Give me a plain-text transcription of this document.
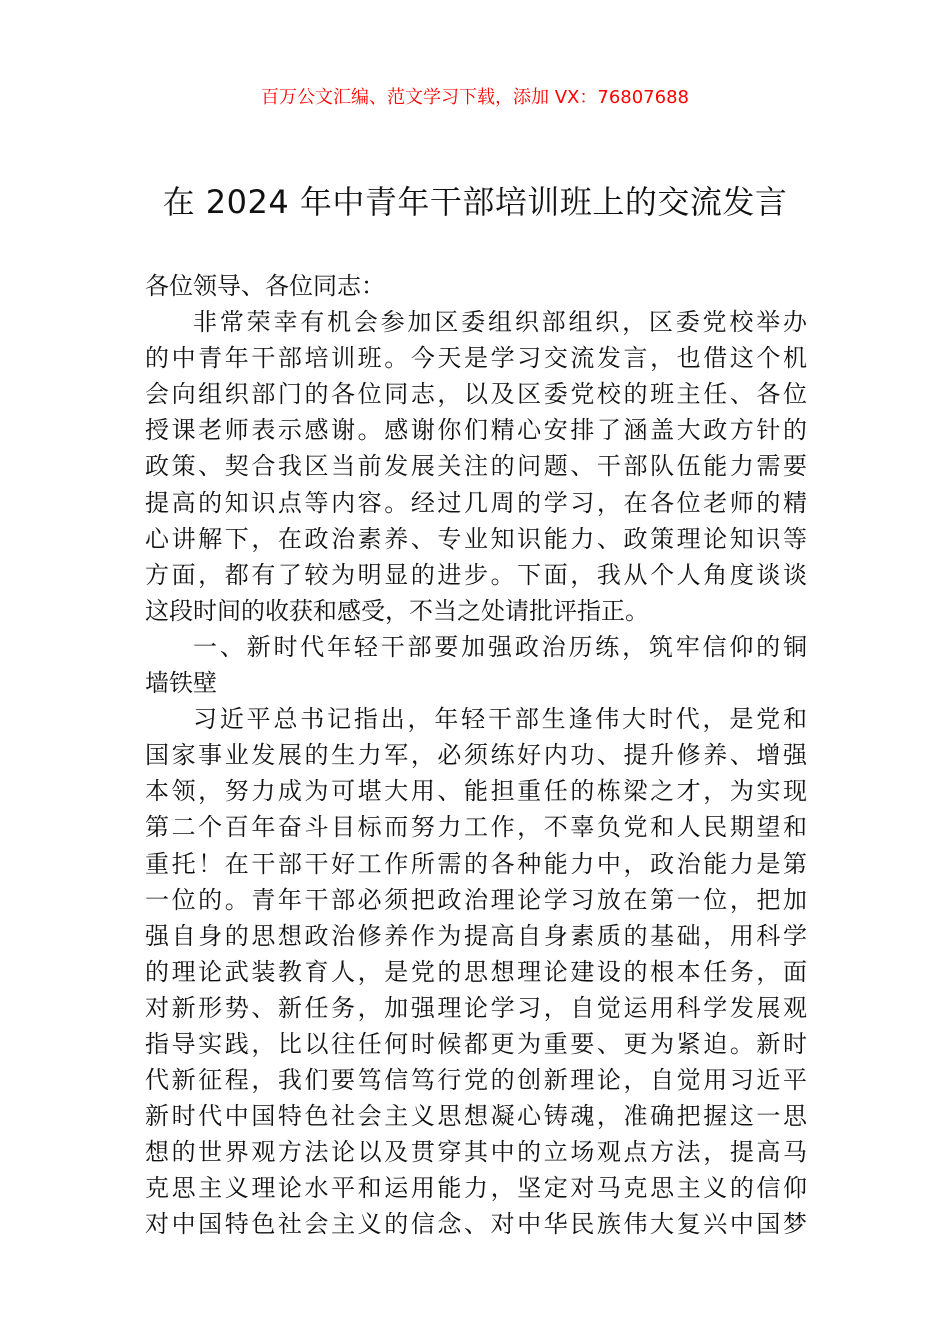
百万公文汇编、范文学习下载，添加 VX：76807688
在 2024 年中青年干部培训班上的交流发言
各位领导、各位同志：
非常荣幸有机会参加区委组织部组织，区委党校举办
的中青年干部培训班。今天是学习交流发言，也借这个机
会向组织部门的各位同志，以及区委党校的班主任、各位
授课老师表示感谢。感谢你们精心安排了涵盖大政方针的
政策、契合我区当前发展关注的问题、干部队伍能力需要
提高的知识点等内容。经过几周的学习，在各位老师的精
心讲解下，在政治素养、专业知识能力、政策理论知识等
方面，都有了较为明显的进步。下面，我从个人角度谈谈
这段时间的收获和感受，不当之处请批评指正。
一、新时代年轻干部要加强政治历练，筑牢信仰的铜
墙铁壁
习近平总书记指出，年轻干部生逢伟大时代，是党和
国家事业发展的生力军，必须练好内功、提升修养、增强
本领，努力成为可堪大用、能担重任的栋梁之才，为实现
第二个百年奋斗目标而努力工作，不辜负党和人民期望和
重托！在干部干好工作所需的各种能力中，政治能力是第
一位的。青年干部必须把政治理论学习放在第一位，把加
强自身的思想政治修养作为提高自身素质的基础，用科学
的理论武装教育人，是党的思想理论建设的根本任务，面
对新形势、新任务，加强理论学习，自觉运用科学发展观
指导实践，比以往任何时候都更为重要、更为紧迫。新时
代新征程，我们要笃信笃行党的创新理论，自觉用习近平
新时代中国特色社会主义思想凝心铸魂，准确把握这一思
想的世界观方法论以及贯穿其中的立场观点方法，提高马
克思主义理论水平和运用能力，坚定对马克思主义的信仰
对中国特色社会主义的信念、对中华民族伟大复兴中国梦
